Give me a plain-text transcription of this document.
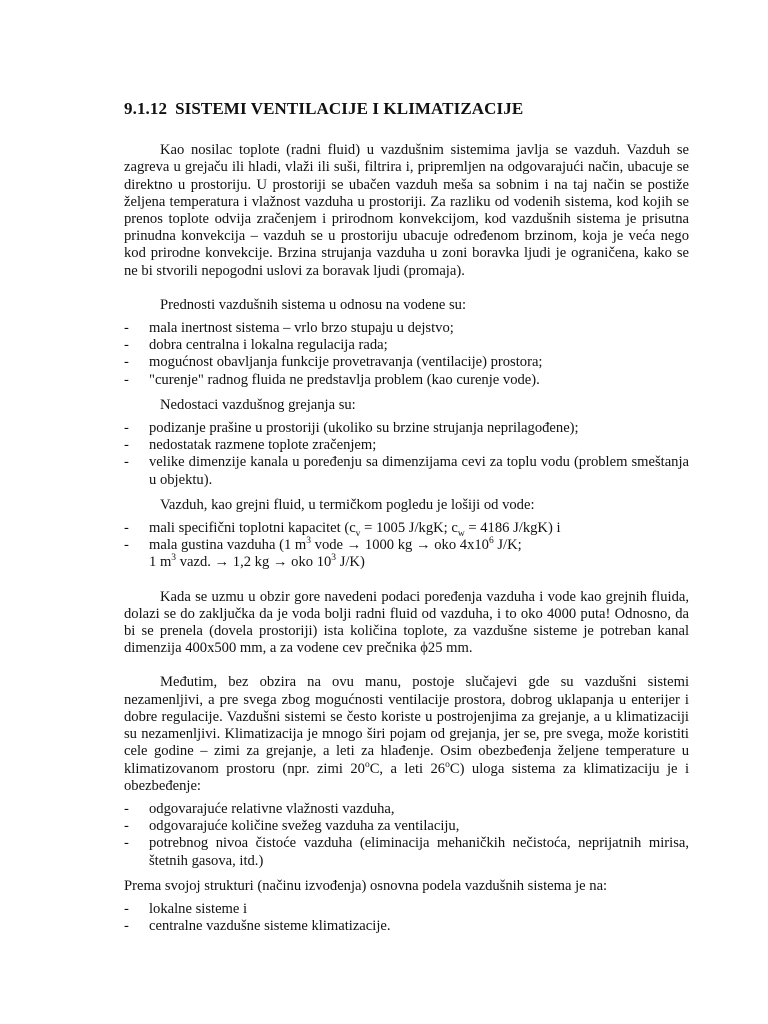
9.1.12 SISTEMI VENTILACIJE I KLIMATIZACIJE

Kao nosilac toplote (radni fluid) u vazdušnim sistemima javlja se vazduh. Vazduh se zagreva u grejaču ili hladi, vlaži ili suši, filtrira i, pripremljen na odgovarajući način, ubacuje se direktno u prostoriju. U prostoriji se ubačen vazduh meša sa sobnim i na taj način se postiže željena temperatura i vlažnost vazduha u prostoriji. Za razliku od vodenih sistema, kod kojih se prenos toplote odvija zračenjem i prirodnom konvekcijom, kod vazdušnih sistema je prisutna prinudna konvekcija – vazduh se u prostoriju ubacuje određenom brzinom, koja je veća nego kod prirodne konvekcije. Brzina strujanja vazduha u zoni boravka ljudi je ograničena, kako se ne bi stvorili nepogodni uslovi za boravak ljudi (promaja).

Prednosti vazdušnih sistema u odnosu na vodene su:

- mala inertnost sistema – vrlo brzo stupaju u dejstvo;
- dobra centralna i lokalna regulacija rada;
- mogućnost obavljanja funkcije provetravanja (ventilacije) prostora;
- "curenje" radnog fluida ne predstavlja problem (kao curenje vode).

Nedostaci vazdušnog grejanja su:

- podizanje prašine u prostoriji (ukoliko su brzine strujanja neprilagođene);
- nedostatak razmene toplote zračenjem;
- velike dimenzije kanala u poređenju sa dimenzijama cevi za toplu vodu (problem smeštanja u objektu).

Vazduh, kao grejni fluid, u termičkom pogledu je lošiji od vode:

- mali specifični toplotni kapacitet ($c_v = 1005$ J/kgK; $c_w = 4186$ J/kgK) i
- mala gustina vazduha (1 $m^3$ vode → 1000 kg → oko $4x10^6$ J/K;
1 $m^3$ vazd. → 1,2 kg → oko $10^3$ J/K)

Kada se uzmu u obzir gore navedeni podaci poređenja vazduha i vode kao grejnih fluida, dolazi se do zaključka da je voda bolji radni fluid od vazduha, i to oko 4000 puta! Odnosno, da bi se prenela (dovela prostoriji) ista količina toplote, za vazdušne sisteme je potreban kanal dimenzija 400x500 mm, a za vodene cev prečnika ϕ25 mm.

Međutim, bez obzira na ovu manu, postoje slučajevi gde su vazdušni sistemi nezamenljivi, a pre svega zbog mogućnosti ventilacije prostora, dobrog uklapanja u enterijer i dobre regulacije. Vazdušni sistemi se često koriste u postrojenjima za grejanje, a u klimatizaciji su nezamenljivi. Klimatizacija je mnogo širi pojam od grejanja, jer se, pre svega, može koristiti cele godine – zimi za grejanje, a leti za hlađenje. Osim obezbeđenja željene temperature u klimatizovanom prostoru (npr. zimi 20$^o$C, a leti 26$^o$C) uloga sistema za klimatizaciju je i obezbeđenje:

- odgovarajuće relativne vlažnosti vazduha,
- odgovarajuće količine svežeg vazduha za ventilaciju,
- potrebnog nivoa čistoće vazduha (eliminacija mehaničkih nečistoća, neprijatnih mirisa, štetnih gasova, itd.)

Prema svojoj strukturi (načinu izvođenja) osnovna podela vazdušnih sistema je na:

- lokalne sisteme i
- centralne vazdušne sisteme klimatizacije.
